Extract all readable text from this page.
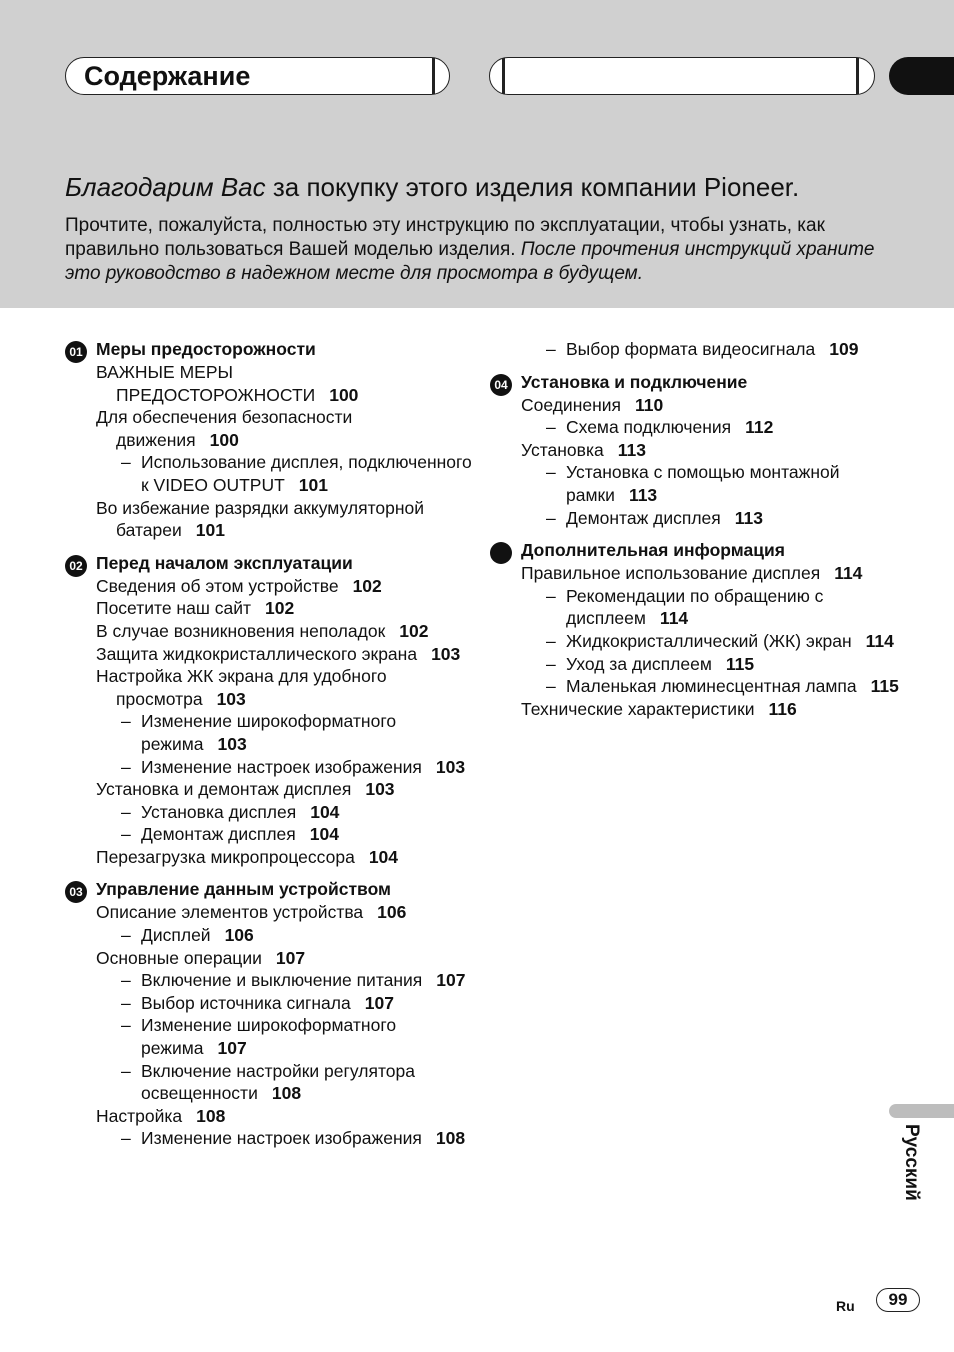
Содержание
Благодарим Вас за покупку этого изделия компании Pioneer.
Прочтите, пожалуйста, полностью эту инструкцию по эксплуатации, чтобы узнать, как правильно пользоваться Вашей моделью изделия. После прочтения инструкций храните это руководство в надежном месте для просмотра в будущем.
01 Меры предосторожности
ВАЖНЫЕ МЕРЫ ПРЕДОСТОРОЖНОСТИ 100
Для обеспечения безопасности движения 100
– Использование дисплея, подключенного к VIDEO OUTPUT 101
Во избежание разрядки аккумуляторной батареи 101
02 Перед началом эксплуатации
Сведения об этом устройстве 102
Посетите наш сайт 102
В случае возникновения неполадок 102
Защита жидкокристаллического экрана 103
Настройка ЖК экрана для удобного просмотра 103
– Изменение широкоформатного режима 103
– Изменение настроек изображения 103
Установка и демонтаж дисплея 103
– Установка дисплея 104
– Демонтаж дисплея 104
Перезагрузка микропроцессора 104
03 Управление данным устройством
Описание элементов устройства 106
– Дисплей 106
Основные операции 107
– Включение и выключение питания 107
– Выбор источника сигнала 107
– Изменение широкоформатного режима 107
– Включение настройки регулятора освещенности 108
Настройка 108
– Изменение настроек изображения 108
– Выбор формата видеосигнала 109
04 Установка и подключение
Соединения 110
– Схема подключения 112
Установка 113
– Установка с помощью монтажной рамки 113
– Демонтаж дисплея 113
Дополнительная информация
Правильное использование дисплея 114
– Рекомендации по обращению с дисплеем 114
– Жидкокристаллический (ЖК) экран 114
– Уход за дисплеем 115
– Маленькая люминесцентная лампа 115
Технические характеристики 116
Русский
Ru	99
